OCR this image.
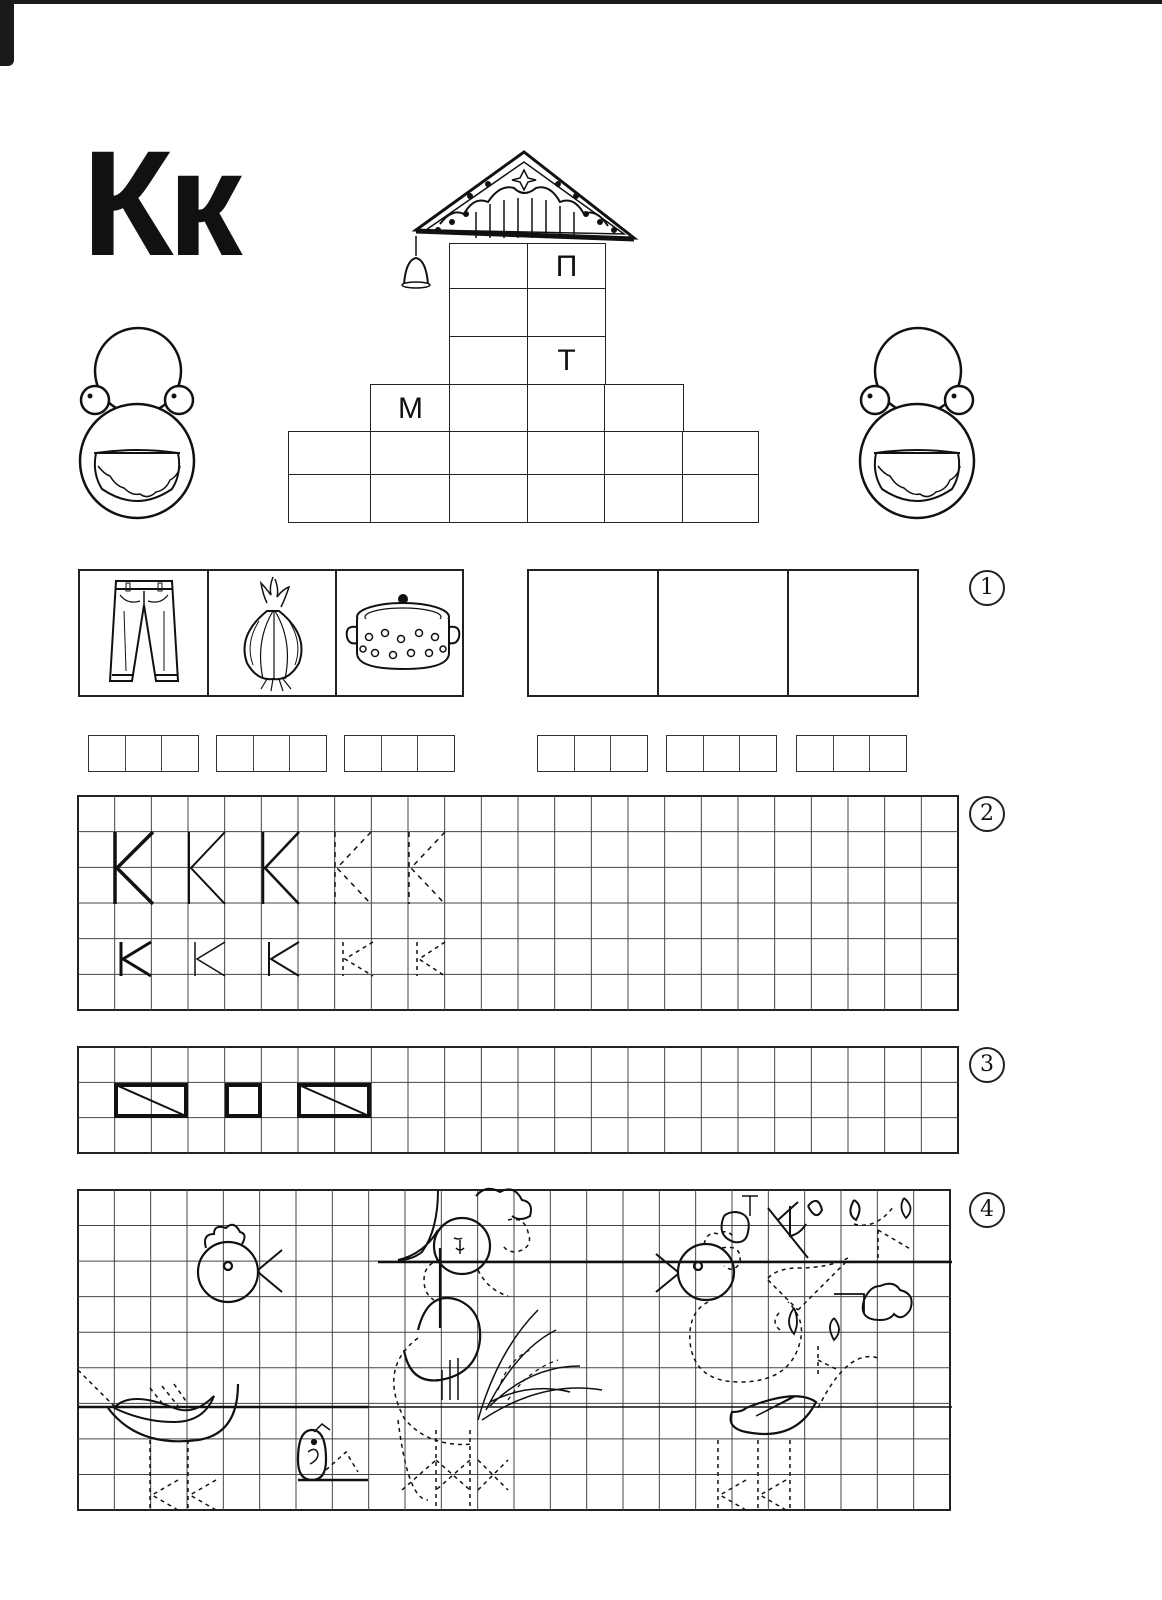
Кк	П
Т
М
1
2
3
4
